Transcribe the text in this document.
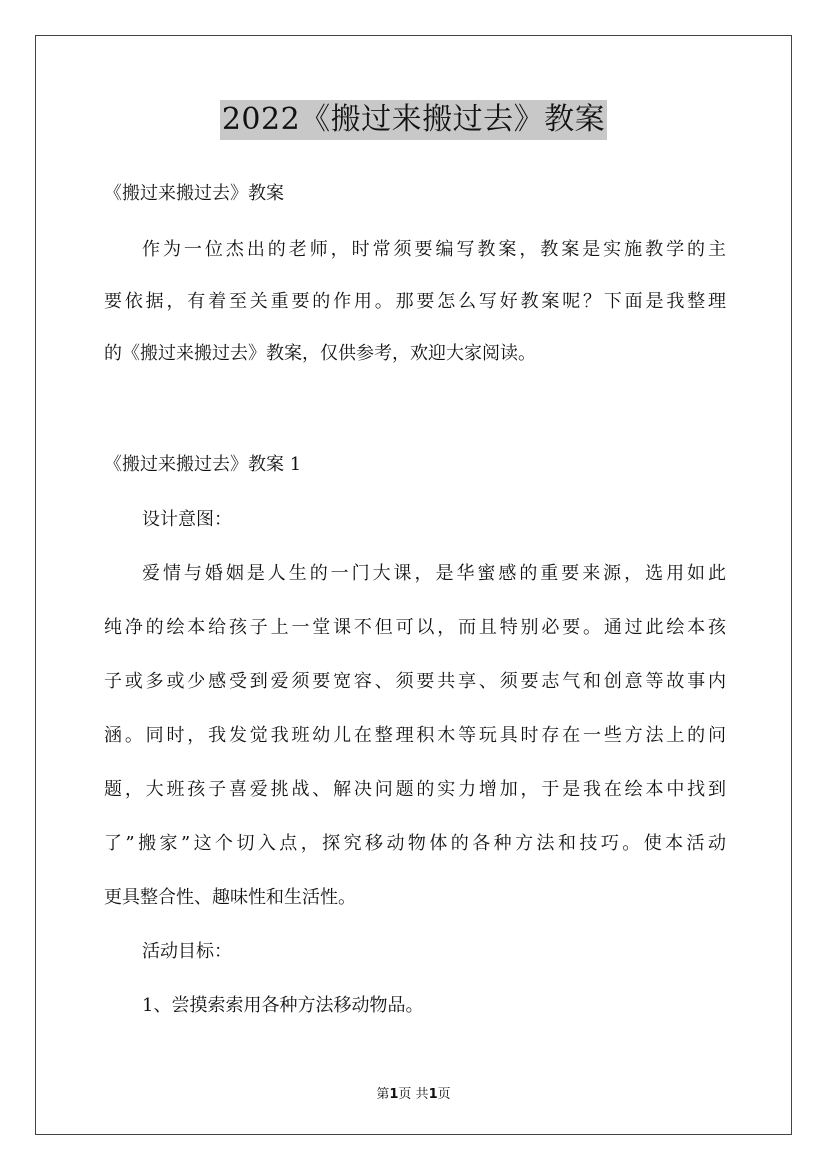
2022《搬过来搬过去》教案
《搬过来搬过去》教案
作为一位杰出的老师，时常须要编写教案，教案是实施教学的主
要依据，有着至关重要的作用。那要怎么写好教案呢？下面是我整理
的《搬过来搬过去》教案，仅供参考，欢迎大家阅读。
《搬过来搬过去》教案 1
设计意图：
爱情与婚姻是人生的一门大课，是华蜜感的重要来源，选用如此
纯净的绘本给孩子上一堂课不但可以，而且特别必要。通过此绘本孩
子或多或少感受到爱须要宽容、须要共享、须要志气和创意等故事内
涵。同时，我发觉我班幼儿在整理积木等玩具时存在一些方法上的问
题，大班孩子喜爱挑战、解决问题的实力增加，于是我在绘本中找到
了”搬家”这个切入点，探究移动物体的各种方法和技巧。使本活动
更具整合性、趣味性和生活性。
活动目标：
1、尝摸索索用各种方法移动物品。
第1页 共1页
